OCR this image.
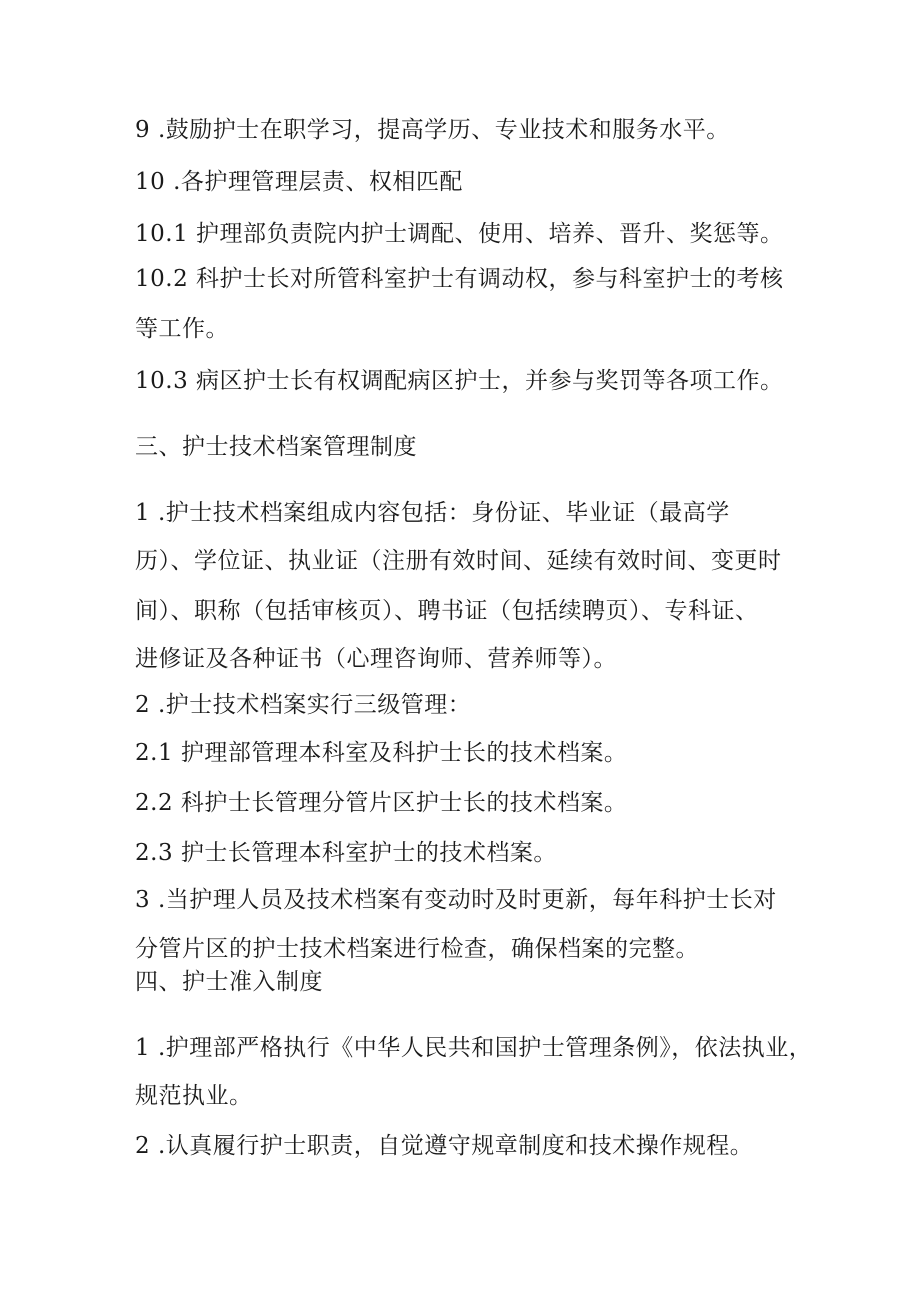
9 .鼓励护士在职学习，提高学历、专业技术和服务水平。
10 .各护理管理层责、权相匹配
10.1 护理部负责院内护士调配、使用、培养、晋升、奖惩等。
10.2 科护士长对所管科室护士有调动权，参与科室护士的考核
等工作。
10.3 病区护士长有权调配病区护士，并参与奖罚等各项工作。
三、护士技术档案管理制度
1 .护士技术档案组成内容包括：身份证、毕业证（最高学
历）、学位证、执业证（注册有效时间、延续有效时间、变更时
间）、职称（包括审核页）、聘书证（包括续聘页）、专科证、
进修证及各种证书（心理咨询师、营养师等）。
2 .护士技术档案实行三级管理：
2.1 护理部管理本科室及科护士长的技术档案。
2.2 科护士长管理分管片区护士长的技术档案。
2.3 护士长管理本科室护士的技术档案。
3 .当护理人员及技术档案有变动时及时更新，每年科护士长对
分管片区的护士技术档案进行检查，确保档案的完整。
四、护士准入制度
1 .护理部严格执行《中华人民共和国护士管理条例》，依法执业，
规范执业。
2 .认真履行护士职责，自觉遵守规章制度和技术操作规程。
